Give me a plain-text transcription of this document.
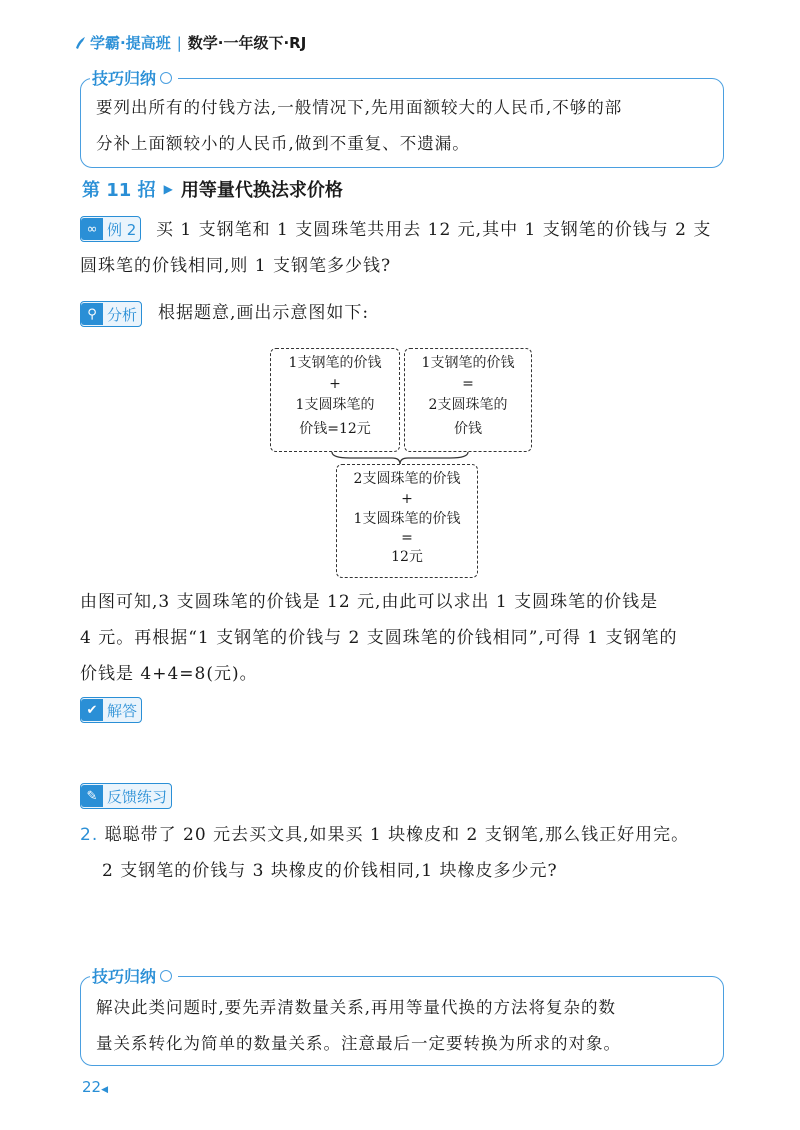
学霸·提高班 | 数学·一年级下·RJ
技巧归纳
要列出所有的付钱方法,一般情况下,先用面额较大的人民币,不够的部
分补上面额较小的人民币,做到不重复、不遗漏。
第 11 招 ▶ 用等量代换法求价格
∞ 例 2	买 1 支钢笔和 1 支圆珠笔共用去 12 元,其中 1 支钢笔的价钱与 2 支
圆珠笔的价钱相同,则 1 支钢笔多少钱?
⚲ 分析 根据题意,画出示意图如下:
1支钢笔的价钱
+
1支圆珠笔的
价钱=12元
1支钢笔的价钱
=
2支圆珠笔的
价钱
2支圆珠笔的价钱
+
1支圆珠笔的价钱
=
12元
由图可知,3 支圆珠笔的价钱是 12 元,由此可以求出 1 支圆珠笔的价钱是
4 元。再根据“1 支钢笔的价钱与 2 支圆珠笔的价钱相同”,可得 1 支钢笔的
价钱是 4+4=8(元)。
✔ 解答
✎ 反馈练习
2. 聪聪带了 20 元去买文具,如果买 1 块橡皮和 2 支钢笔,那么钱正好用完。
2 支钢笔的价钱与 3 块橡皮的价钱相同,1 块橡皮多少元?
技巧归纳
解决此类问题时,要先弄清数量关系,再用等量代换的方法将复杂的数
量关系转化为简单的数量关系。注意最后一定要转换为所求的对象。
22◀
